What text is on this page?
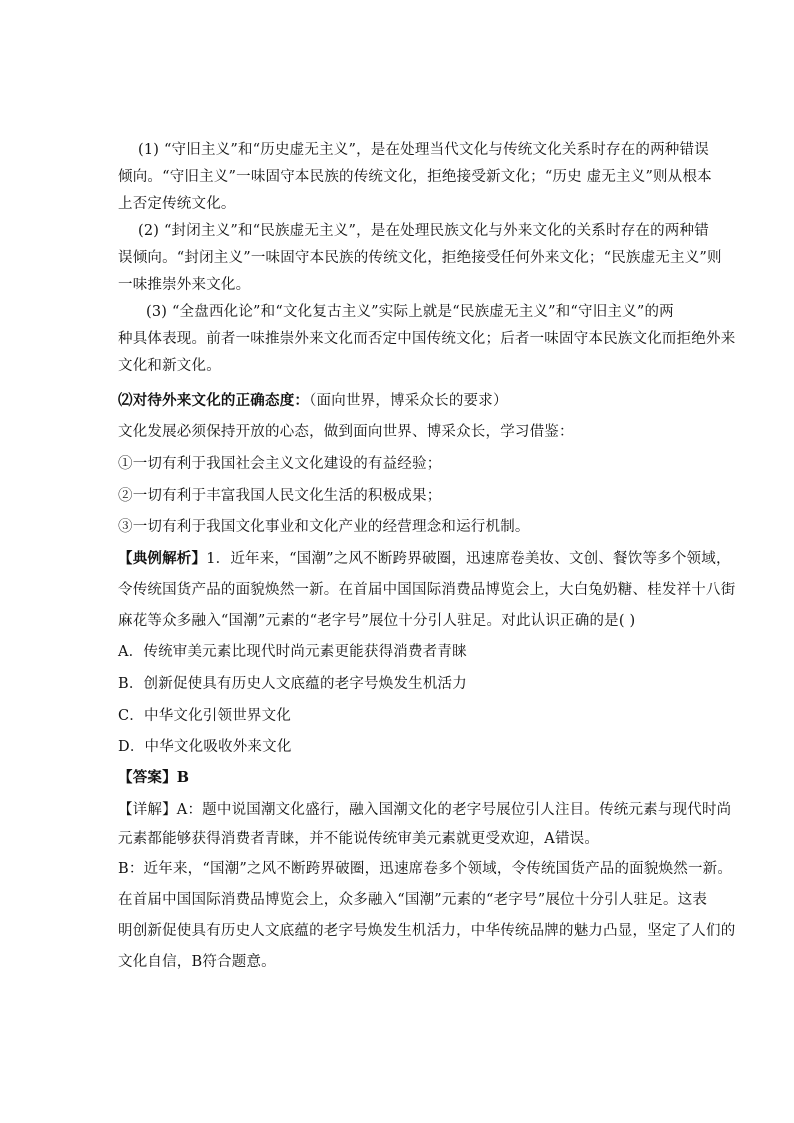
(1) “守旧主义”和“历史虚无主义”，是在处理当代文化与传统文化关系时存在的两种错误
倾向。“守旧主义”一味固守本民族的传统文化，拒绝接受新文化；“历史 虚无主义”则从根本
上否定传统文化。
(2) “封闭主义”和“民族虚无主义”，是在处理民族文化与外来文化的关系时存在的两种错
误倾向。“封闭主义”一味固守本民族的传统文化，拒绝接受任何外来文化；“民族虚无主义”则
一味推崇外来文化。
(3) “全盘西化论”和“文化复古主义”实际上就是“民族虚无主义”和“守旧主义”的两
种具体表现。前者一味推崇外来文化而否定中国传统文化；后者一味固守本民族文化而拒绝外来
文化和新文化。
⑵对待外来文化的正确态度：（面向世界，博采众长的要求）
文化发展必须保持开放的心态，做到面向世界、博采众长，学习借鉴：
①一切有利于我国社会主义文化建设的有益经验；
②一切有利于丰富我国人民文化生活的积极成果；
③一切有利于我国文化事业和文化产业的经营理念和运行机制。
【典例解析】1．近年来，“国潮”之风不断跨界破圈，迅速席卷美妆、文创、餐饮等多个领域，
令传统国货产品的面貌焕然一新。在首届中国国际消费品博览会上，大白兔奶糖、桂发祥十八街
麻花等众多融入“国潮”元素的“老字号”展位十分引人驻足。对此认识正确的是( )
A．传统审美元素比现代时尚元素更能获得消费者青睐
B．创新促使具有历史人文底蕴的老字号焕发生机活力
C．中华文化引领世界文化
D．中华文化吸收外来文化
【答案】B
【详解】A：题中说国潮文化盛行，融入国潮文化的老字号展位引人注目。传统元素与现代时尚
元素都能够获得消费者青睐，并不能说传统审美元素就更受欢迎，A错误。
B：近年来，“国潮”之风不断跨界破圈，迅速席卷多个领域，令传统国货产品的面貌焕然一新。
在首届中国国际消费品博览会上，众多融入“国潮”元素的“老字号”展位十分引人驻足。这表
明创新促使具有历史人文底蕴的老字号焕发生机活力，中华传统品牌的魅力凸显，坚定了人们的
文化自信，B符合题意。
